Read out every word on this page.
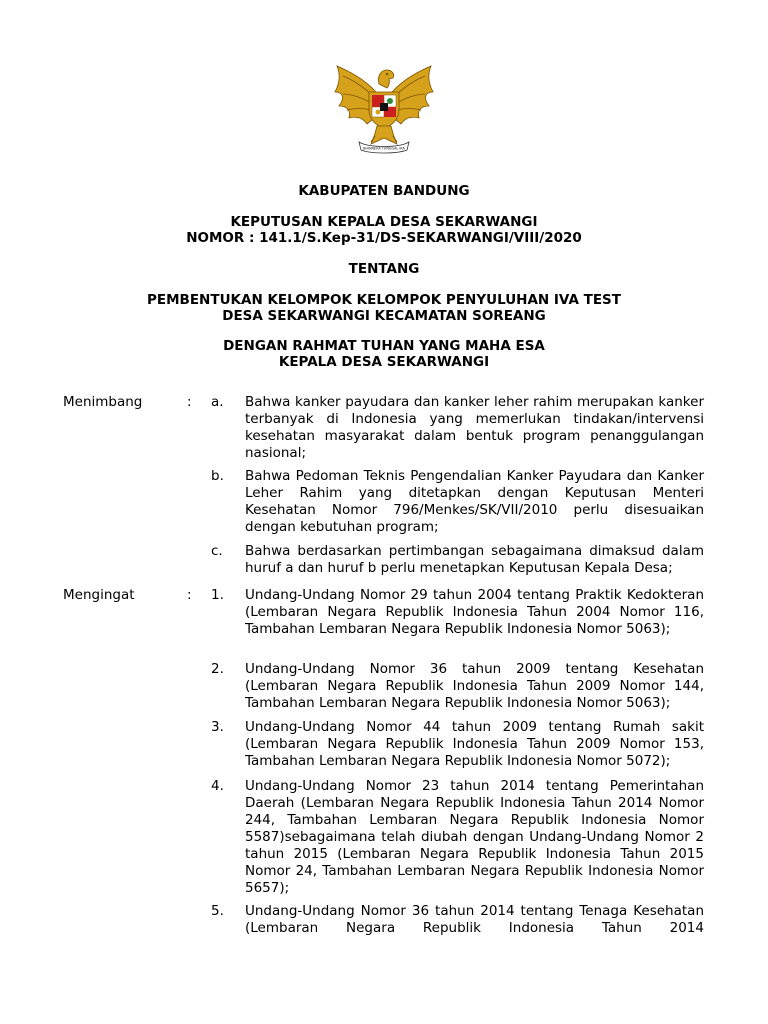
BHINNEKA TUNGGAL IKA
KABUPATEN BANDUNG
KEPUTUSAN KEPALA DESA SEKARWANGI
NOMOR : 141.1/S.Kep-31/DS-SEKARWANGI/VIII/2020
TENTANG
PEMBENTUKAN KELOMPOK KELOMPOK PENYULUHAN IVA TEST
DESA SEKARWANGI KECAMATAN SOREANG
DENGAN RAHMAT TUHAN YANG MAHA ESA
KEPALA DESA SEKARWANGI
Menimbang	: a. Bahwa kanker payudara dan kanker leher rahim merupakan kanker terbanyak di Indonesia yang memerlukan tindakan/intervensi kesehatan masyarakat dalam bentuk program penanggulangan nasional;
b. Bahwa Pedoman Teknis Pengendalian Kanker Payudara dan Kanker Leher Rahim yang ditetapkan dengan Keputusan Menteri Kesehatan Nomor 796/Menkes/SK/VII/2010 perlu disesuaikan dengan kebutuhan program;
c. Bahwa berdasarkan pertimbangan sebagaimana dimaksud dalam huruf a dan huruf b perlu menetapkan Keputusan Kepala Desa;
Mengingat	: 1. Undang-Undang Nomor 29 tahun 2004 tentang Praktik Kedokteran (Lembaran Negara Republik Indonesia Tahun 2004 Nomor 116, Tambahan Lembaran Negara Republik Indonesia Nomor 5063);
2. Undang-Undang Nomor 36 tahun 2009 tentang Kesehatan (Lembaran Negara Republik Indonesia Tahun 2009 Nomor 144, Tambahan Lembaran Negara Republik Indonesia Nomor 5063);
3. Undang-Undang Nomor 44 tahun 2009 tentang Rumah sakit (Lembaran Negara Republik Indonesia Tahun 2009 Nomor 153, Tambahan Lembaran Negara Republik Indonesia Nomor 5072);
4. Undang-Undang Nomor 23 tahun 2014 tentang Pemerintahan Daerah (Lembaran Negara Republik Indonesia Tahun 2014 Nomor 244, Tambahan Lembaran Negara Republik Indonesia Nomor 5587)sebagaimana telah diubah dengan Undang-Undang Nomor 2 tahun 2015 (Lembaran Negara Republik Indonesia Tahun 2015 Nomor 24, Tambahan Lembaran Negara Republik Indonesia Nomor 5657);
5. Undang-Undang Nomor 36 tahun 2014 tentang Tenaga Kesehatan (Lembaran Negara Republik Indonesia Tahun 2014
